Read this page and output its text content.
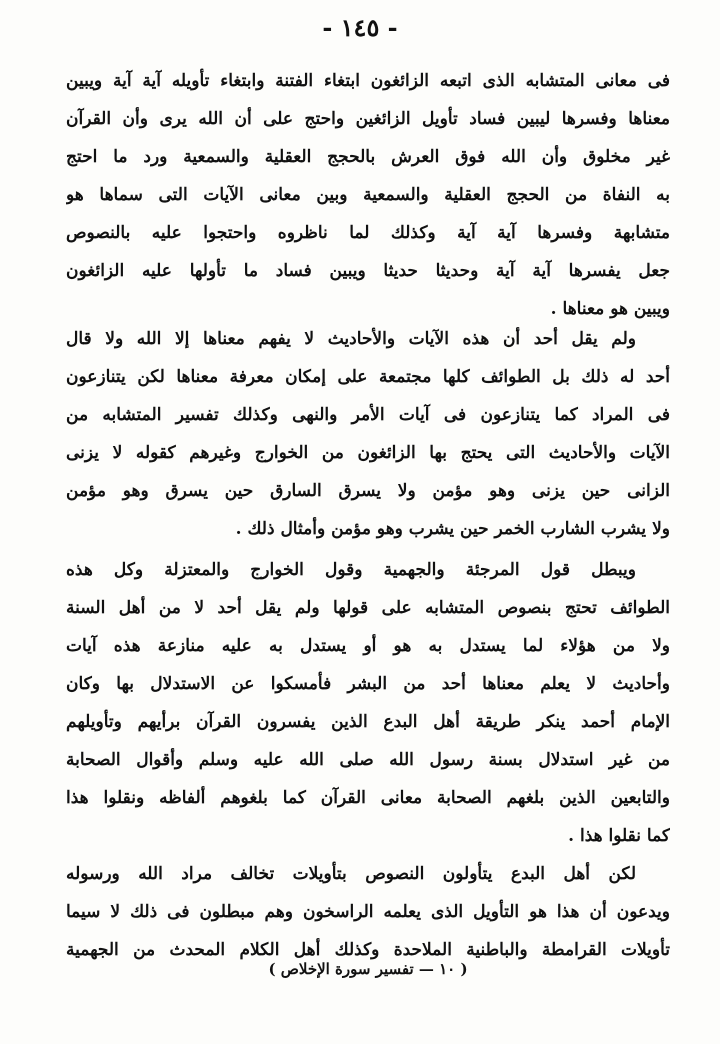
- ١٤٥ -
فى معانى المتشابه الذى اتبعه الزائغون ابتغاء الفتنة وابتغاء تأويله آية آية ويبين
معناها وفسرها ليبين فساد تأويل الزائغين واحتج على أن الله يرى وأن القرآن
غير مخلوق وأن الله فوق العرش بالحجج العقلية والسمعية ورد ما احتج
به النفاة من الحجج العقلية والسمعية وبين معانى الآيات التى سماها هو
متشابهة وفسرها آية آية وكذلك لما ناظروه واحتجوا عليه بالنصوص
جعل يفسرها آية آية وحديثا حديثا ويبين فساد ما تأولها عليه الزائغون
ويبين هو معناها .
ولم يقل أحد أن هذه الآيات والأحاديث لا يفهم معناها إلا الله ولا قال
أحد له ذلك بل الطوائف كلها مجتمعة على إمكان معرفة معناها لكن يتنازعون
فى المراد كما يتنازعون فى آيات الأمر والنهى وكذلك تفسير المتشابه من
الآيات والأحاديث التى يحتج بها الزائغون من الخوارج وغيرهم كقوله لا يزنى
الزانى حين يزنى وهو مؤمن ولا يسرق السارق حين يسرق وهو مؤمن
ولا يشرب الشارب الخمر حين يشرب وهو مؤمن وأمثال ذلك .
ويبطل قول المرجئة والجهمية وقول الخوارج والمعتزلة وكل هذه
الطوائف تحتج بنصوص المتشابه على قولها ولم يقل أحد لا من أهل السنة
ولا من هؤلاء لما يستدل به هو أو يستدل به عليه منازعة هذه آيات
وأحاديث لا يعلم معناها أحد من البشر فأمسكوا عن الاستدلال بها وكان
الإمام أحمد ينكر طريقة أهل البدع الذين يفسرون القرآن برأيهم وتأويلهم
من غير استدلال بسنة رسول الله صلى الله عليه وسلم وأقوال الصحابة
والتابعين الذين بلغهم الصحابة معانى القرآن كما بلغوهم ألفاظه ونقلوا هذا
كما نقلوا هذا .
لكن أهل البدع يتأولون النصوص بتأويلات تخالف مراد الله ورسوله
ويدعون أن هذا هو التأويل الذى يعلمه الراسخون وهم مبطلون فى ذلك لا سيما
تأويلات القرامطة والباطنية الملاحدة وكذلك أهل الكلام المحدث من الجهمية
( ١٠ — تفسير سورة الإخلاص )
